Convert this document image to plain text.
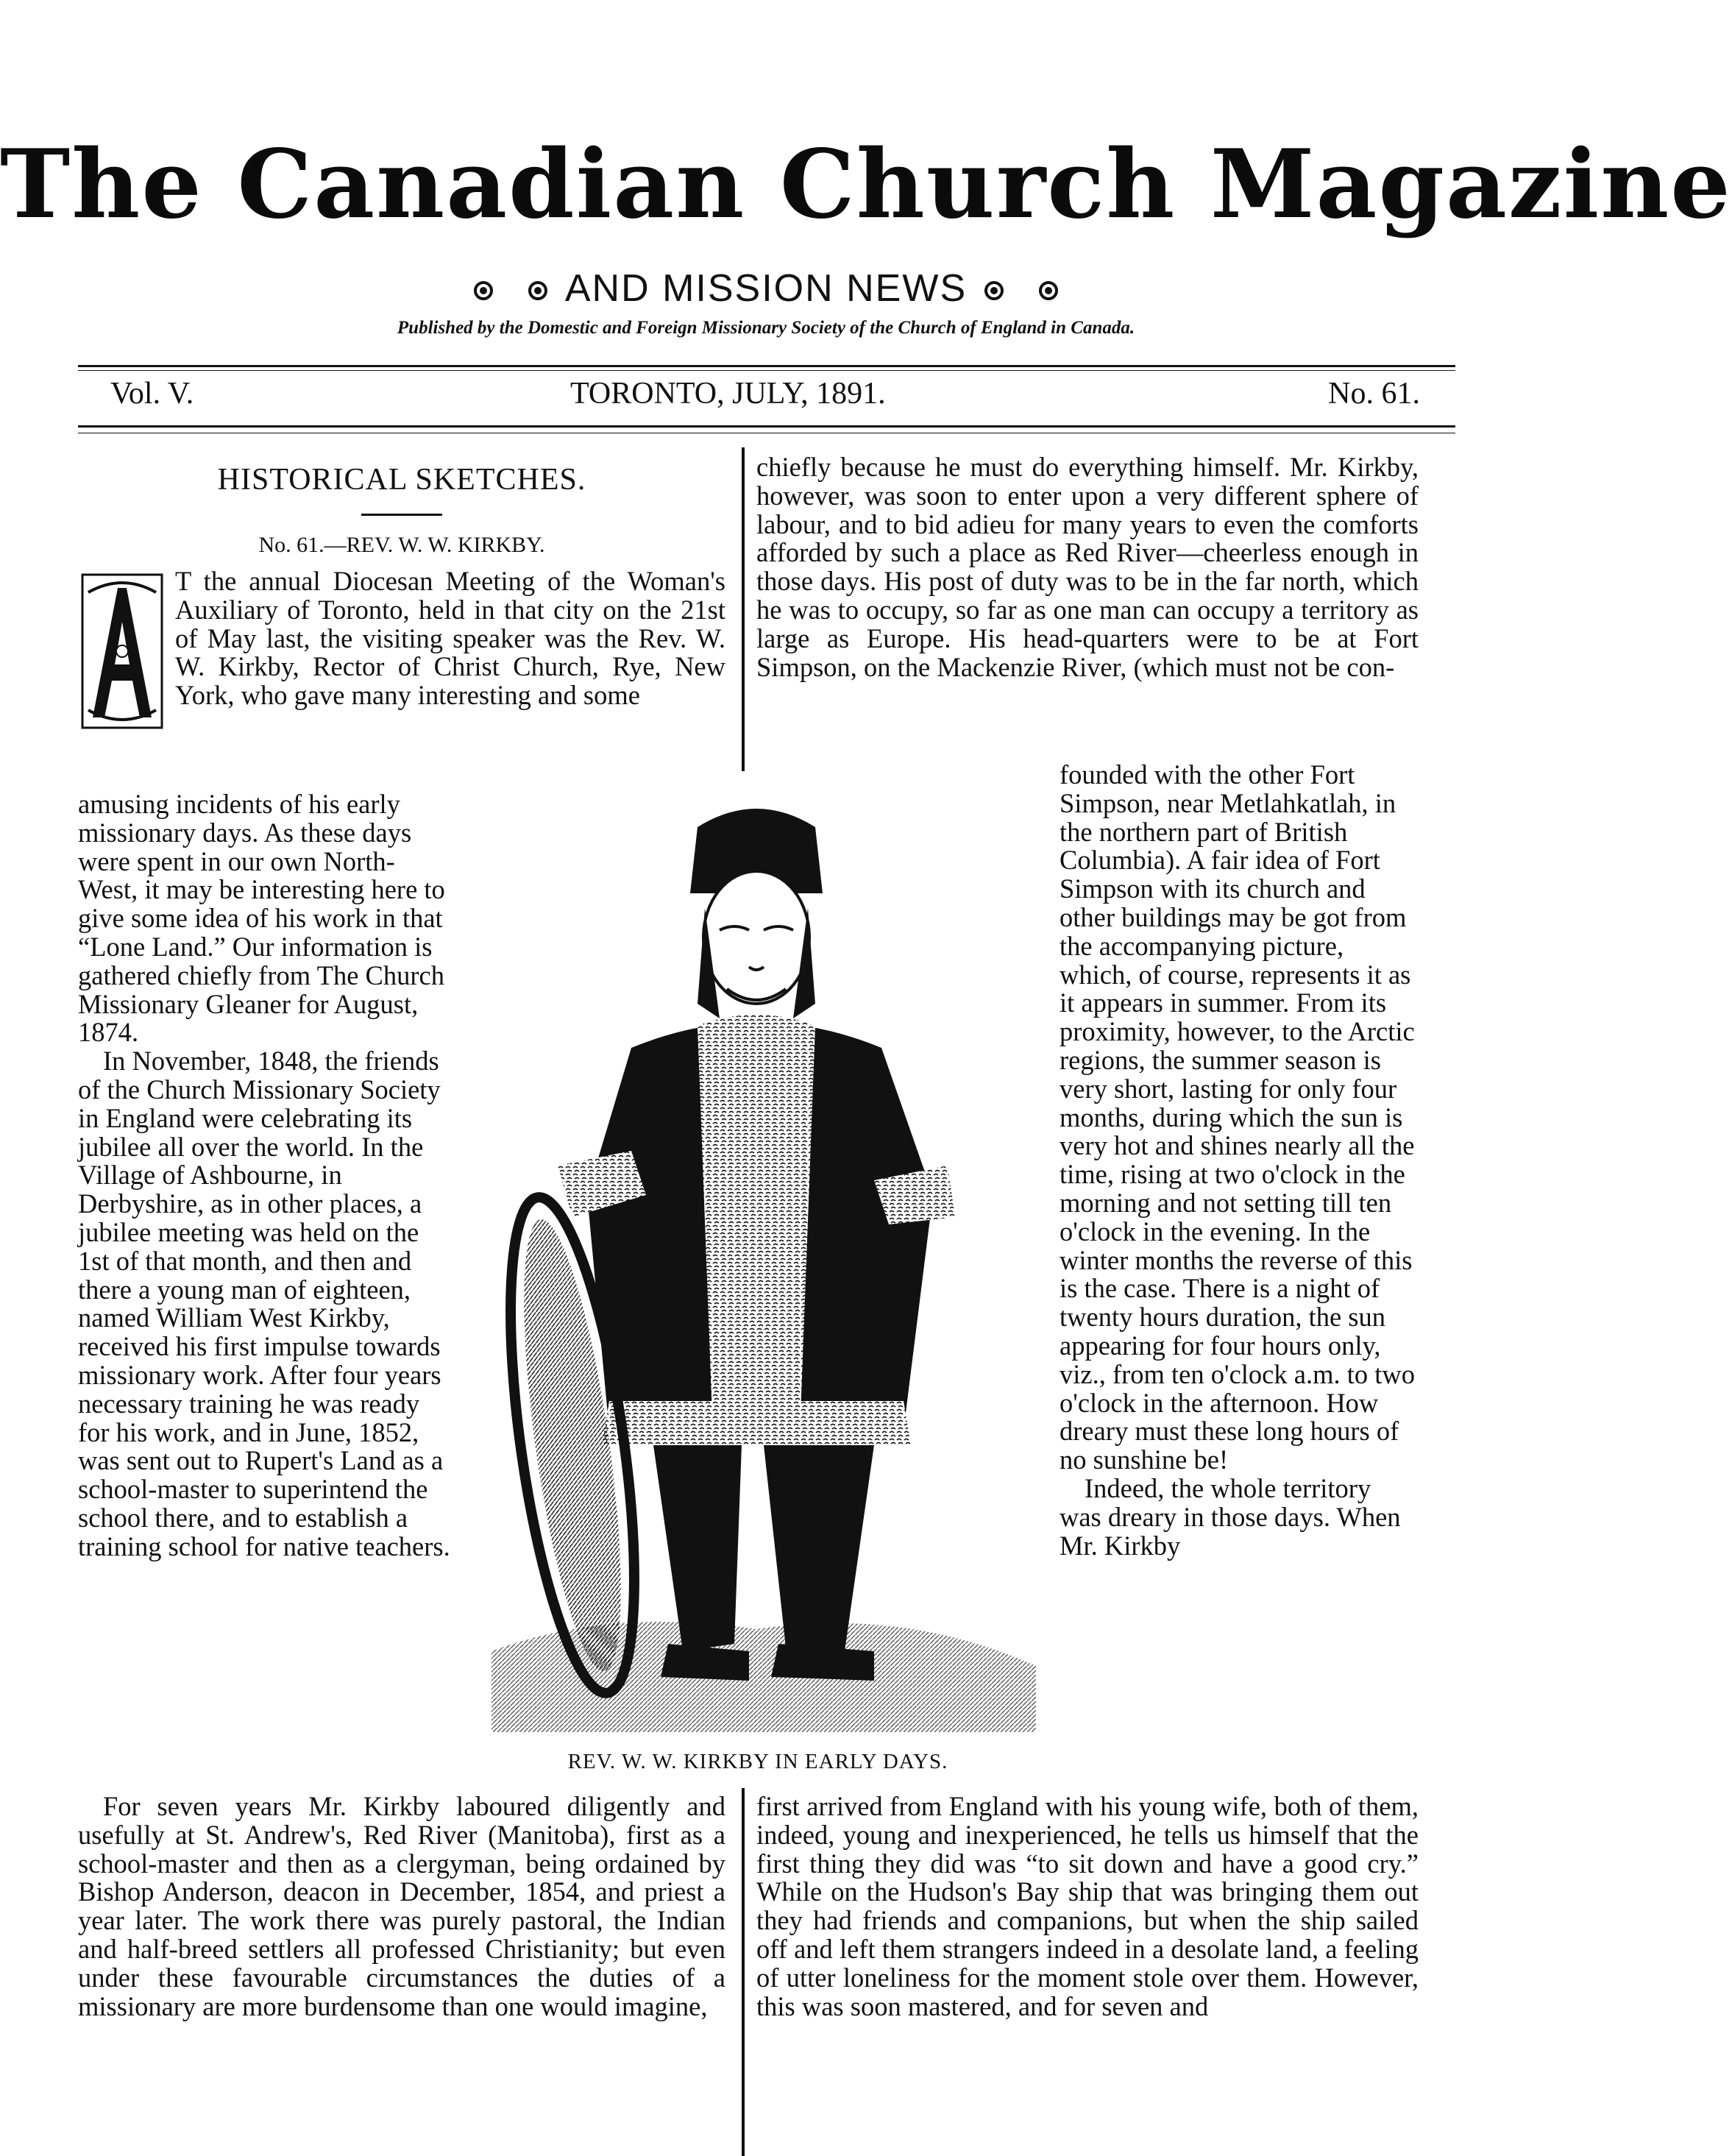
The Canadian Church Magazine
AND MISSION NEWS
Published by the Domestic and Foreign Missionary Society of the Church of England in Canada.
Vol. V.	TORONTO, JULY, 1891.	No. 61.
HISTORICAL SKETCHES.
No. 61.—REV. W. W. KIRKBY.
A

T the annual Diocesan Meeting of the Woman's Auxiliary of Toronto, held in that city on the 21st of May last, the visiting speaker was the Rev. W. W. Kirkby, Rector of Christ Church, Rye, New York, who gave many interesting and some

amusing incidents of his early missionary days. As these days were spent in our own North-West, it may be interesting here to give some idea of his work in that “Lone Land.” Our information is gathered chiefly from The Church Missionary Gleaner for August, 1874.

In November, 1848, the friends of the Church Missionary Society in England were celebrating its jubilee all over the world. In the Village of Ashbourne, in Derbyshire, as in other places, a jubilee meeting was held on the 1st of that month, and then and there a young man of eighteen, named William West Kirkby, received his first impulse towards missionary work. After four years necessary training he was ready for his work, and in June, 1852, was sent out to Rupert's Land as a school-master to superintend the school there, and to establish a training school for native teachers.

chiefly because he must do everything himself. Mr. Kirkby, however, was soon to enter upon a very different sphere of labour, and to bid adieu for many years to even the comforts afforded by such a place as Red River—cheerless enough in those days. His post of duty was to be in the far north, which he was to occupy, so far as one man can occupy a territory as large as Europe. His head-quarters were to be at Fort Simpson, on the Mackenzie River, (which must not be con-

founded with the other Fort Simpson, near Metlahkatlah, in the northern part of British Columbia). A fair idea of Fort Simpson with its church and other buildings may be got from the accompanying picture, which, of course, represents it as it appears in summer. From its proximity, however, to the Arctic regions, the summer season is very short, lasting for only four months, during which the sun is very hot and shines nearly all the time, rising at two o'clock in the morning and not setting till ten o'clock in the evening. In the winter months the reverse of this is the case. There is a night of twenty hours duration, the sun appearing for four hours only, viz., from ten o'clock a.m. to two o'clock in the afternoon. How dreary must these long hours of no sunshine be!

Indeed, the whole territory was dreary in those days. When Mr. Kirkby

REV. W. W. KIRKBY IN EARLY DAYS.

For seven years Mr. Kirkby laboured diligently and usefully at St. Andrew's, Red River (Manitoba), first as a school-master and then as a clergyman, being ordained by Bishop Anderson, deacon in December, 1854, and priest a year later. The work there was purely pastoral, the Indian and half-breed settlers all professed Christianity; but even under these favourable circumstances the duties of a missionary are more burdensome than one would imagine,

first arrived from England with his young wife, both of them, indeed, young and inexperienced, he tells us himself that the first thing they did was “to sit down and have a good cry.” While on the Hudson's Bay ship that was bringing them out they had friends and companions, but when the ship sailed off and left them strangers indeed in a desolate land, a feeling of utter loneliness for the moment stole over them. However, this was soon mastered, and for seven and
